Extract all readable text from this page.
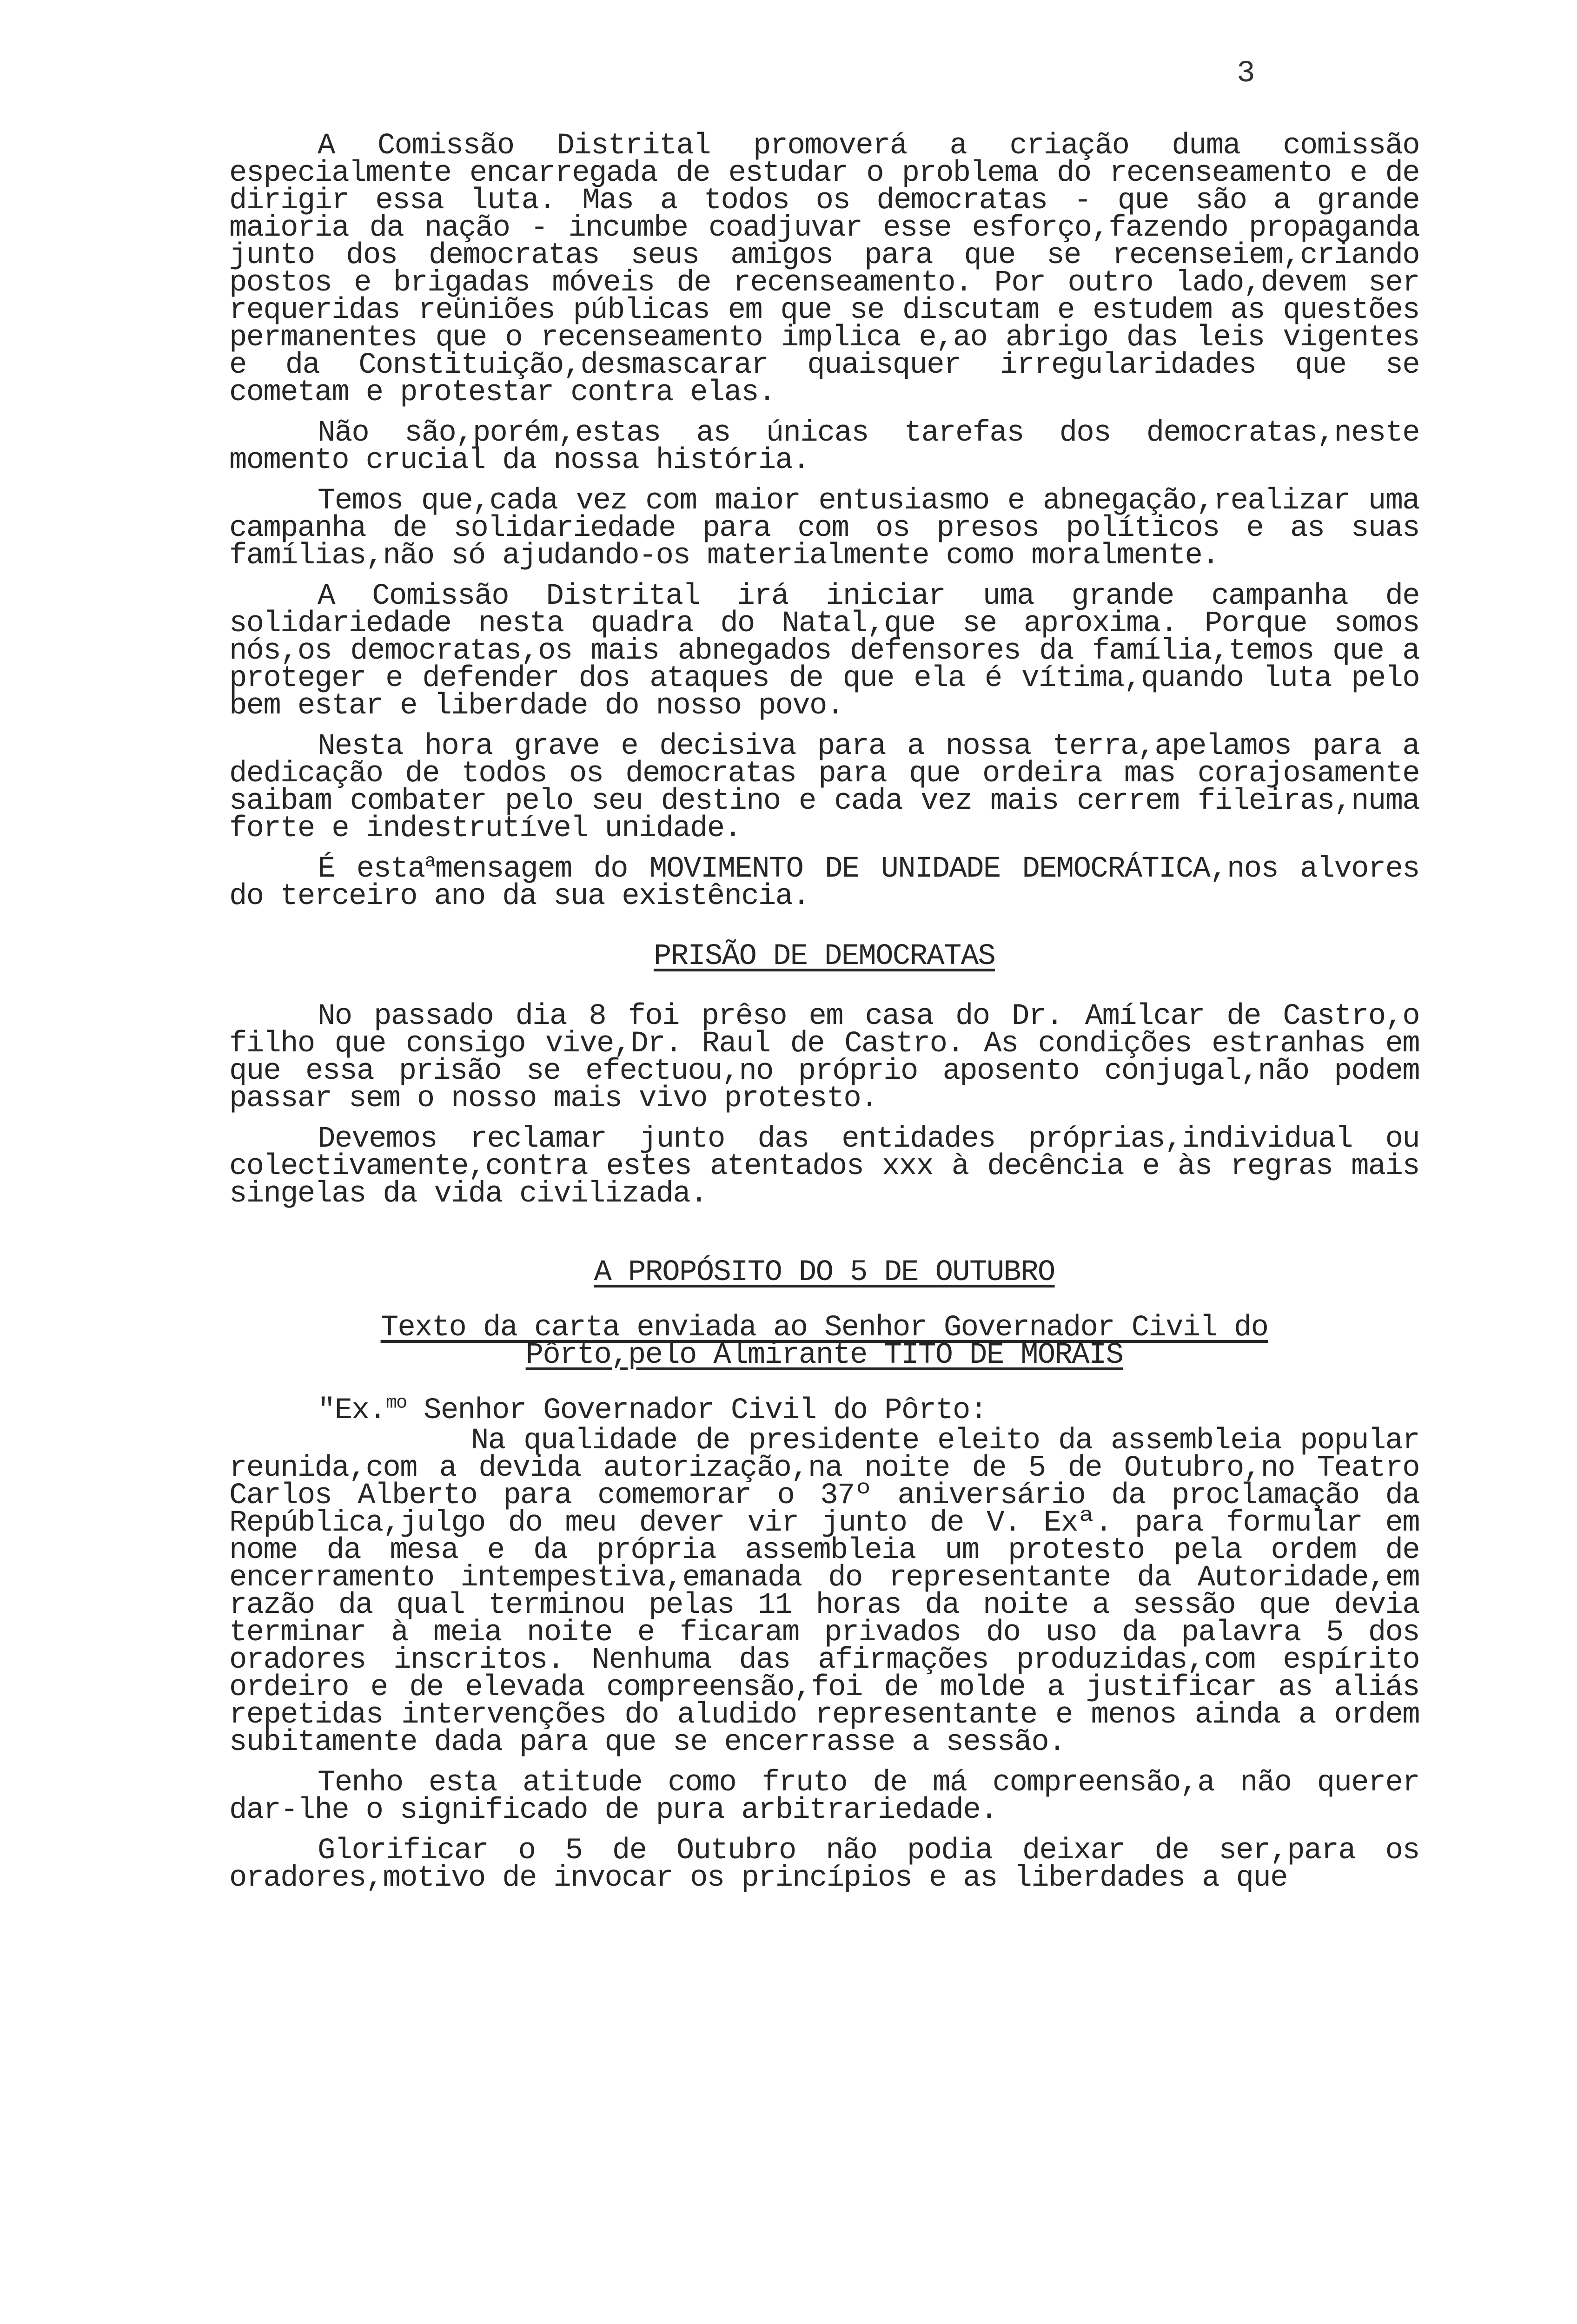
3

A Comissão Distrital promoverá a criação duma comissão especialmente encarregada de estudar o problema do recenseamento e de dirigir essa luta. Mas a todos os democratas - que são a grande maioria da nação - incumbe coadjuvar esse esforço,fazendo propaganda junto dos democratas seus amigos para que se recenseiem,criando postos e brigadas móveis de recenseamento. Por outro lado,devem ser requeridas reüniões públicas em que se discutam e estudem as questões permanentes que o recenseamento implica e,ao abrigo das leis vigentes e da Constituição,desmascarar quaisquer irregularidades que se cometam e protestar contra elas.

Não são,porém,estas as únicas tarefas dos democratas,neste momento crucial da nossa história.

Temos que,cada vez com maior entusiasmo e abnegação,realizar uma campanha de solidariedade para com os presos políticos e as suas famílias,não só ajudando-os materialmente como moralmente.

A Comissão Distrital irá iniciar uma grande campanha de solidariedade nesta quadra do Natal,que se aproxima. Porque somos nós,os democratas,os mais abnegados defensores da família,temos que a proteger e defender dos ataques de que ela é vítima,quando luta pelo bem estar e liberdade do nosso povo.

Nesta hora grave e decisiva para a nossa terra,apelamos para a dedicação de todos os democratas para que ordeira mas corajosamente saibam combater pelo seu destino e cada vez mais cerrem fileiras,numa forte e indestrutível unidade.

É esta$^a$mensagem do MOVIMENTO DE UNIDADE DEMOCRÁTICA,nos alvores do terceiro ano da sua existência.

PRISÃO DE DEMOCRATAS

No passado dia 8 foi prêso em casa do Dr. Amílcar de Castro,o filho que consigo vive,Dr. Raul de Castro. As condições estranhas em que essa prisão se efectuou,no próprio aposento conjugal,não podem passar sem o nosso mais vivo protesto.

Devemos reclamar junto das entidades próprias,individual ou colectivamente,contra estes atentados xxx à decência e às regras mais singelas da vida civilizada.

A PROPÓSITO DO 5 DE OUTUBRO
Texto da carta enviada ao Senhor Governador Civil do
Pôrto,pelo Almirante TITO DE MORAIS

"Ex.$^{mo}$ Senhor Governador Civil do Pôrto:

Na qualidade de presidente eleito da assembleia popular reunida,com a devida autorização,na noite de 5 de Outubro,no Teatro Carlos Alberto para comemorar o 37º aniversário da proclamação da República,julgo do meu dever vir junto de V. Exª. para formular em nome da mesa e da própria assembleia um protesto pela ordem de encerramento intempestiva,emanada do representante da Autoridade,em razão da qual terminou pelas 11 horas da noite a sessão que devia terminar à meia noite e ficaram privados do uso da palavra 5 dos oradores inscritos. Nenhuma das afirmações produzidas,com espírito ordeiro e de elevada compreensão,foi de molde a justificar as aliás repetidas intervenções do aludido representante e menos ainda a ordem subitamente dada para que se encerrasse a sessão.

Tenho esta atitude como fruto de má compreensão,a não querer dar-lhe o significado de pura arbitrariedade.

Glorificar o 5 de Outubro não podia deixar de ser,para os oradores,motivo de invocar os princípios e as liberdades a que
